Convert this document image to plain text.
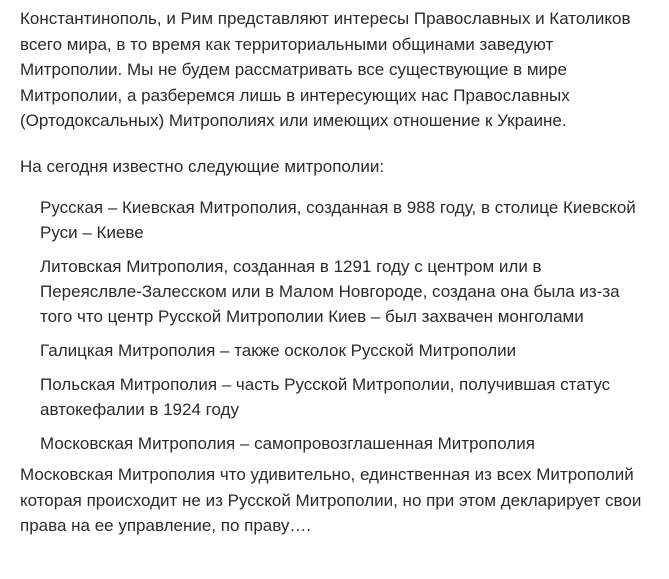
Константинополь, и Рим представляют интересы Православных и Католиков всего мира, в то время как территориальными общинами заведуют Митрополии. Мы не будем рассматривать все существующие в мире Митрополии, а разберемся лишь в интересующих нас Православных (Ортодоксальных) Митрополиях или имеющих отношение к Украине.

На сегодня известно следующие митрополии:

Русская – Киевская Митрополия, созданная в 988 году, в столице Киевской Руси – Киеве
Литовская Митрополия, созданная в 1291 году с центром или в Переяслвле-Залесском или в Малом Новгороде, создана она была из-за того что центр Русской Митрополии Киев – был захвачен монголами
Галицкая Митрополия – также осколок Русской Митрополии
Польская Митрополия – часть Русской Митрополии, получившая статус автокефалии в 1924 году
Московская Митрополия – самопровозглашенная Митрополия

Московская Митрополия что удивительно, единственная из всех Митрополий которая происходит не из Русской Митрополии, но при этом декларирует свои права на ее управление, по праву….
